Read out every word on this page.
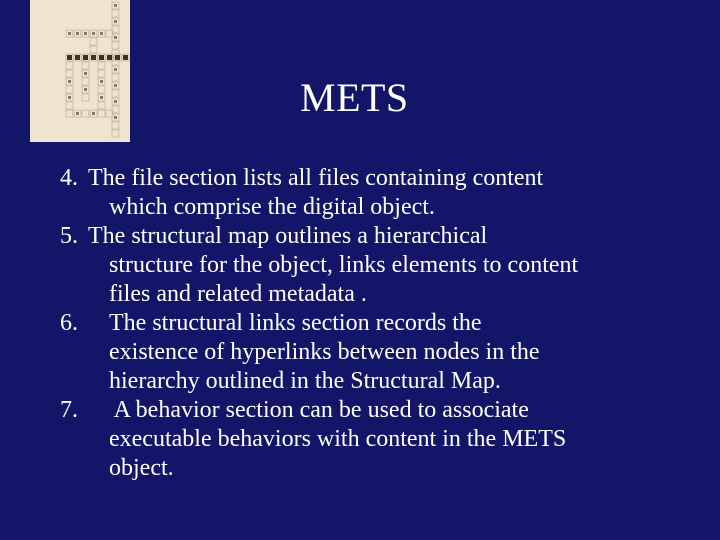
METS
4. The file section lists all files containing content
which comprise the digital object.
5. The structural map outlines a hierarchical
structure for the object, links elements to content
files and related metadata .
6. The structural links section records the
existence of hyperlinks between nodes in the
hierarchy outlined in the Structural Map.
7. A behavior section can be used to associate
executable behaviors with content in the METS
object.
